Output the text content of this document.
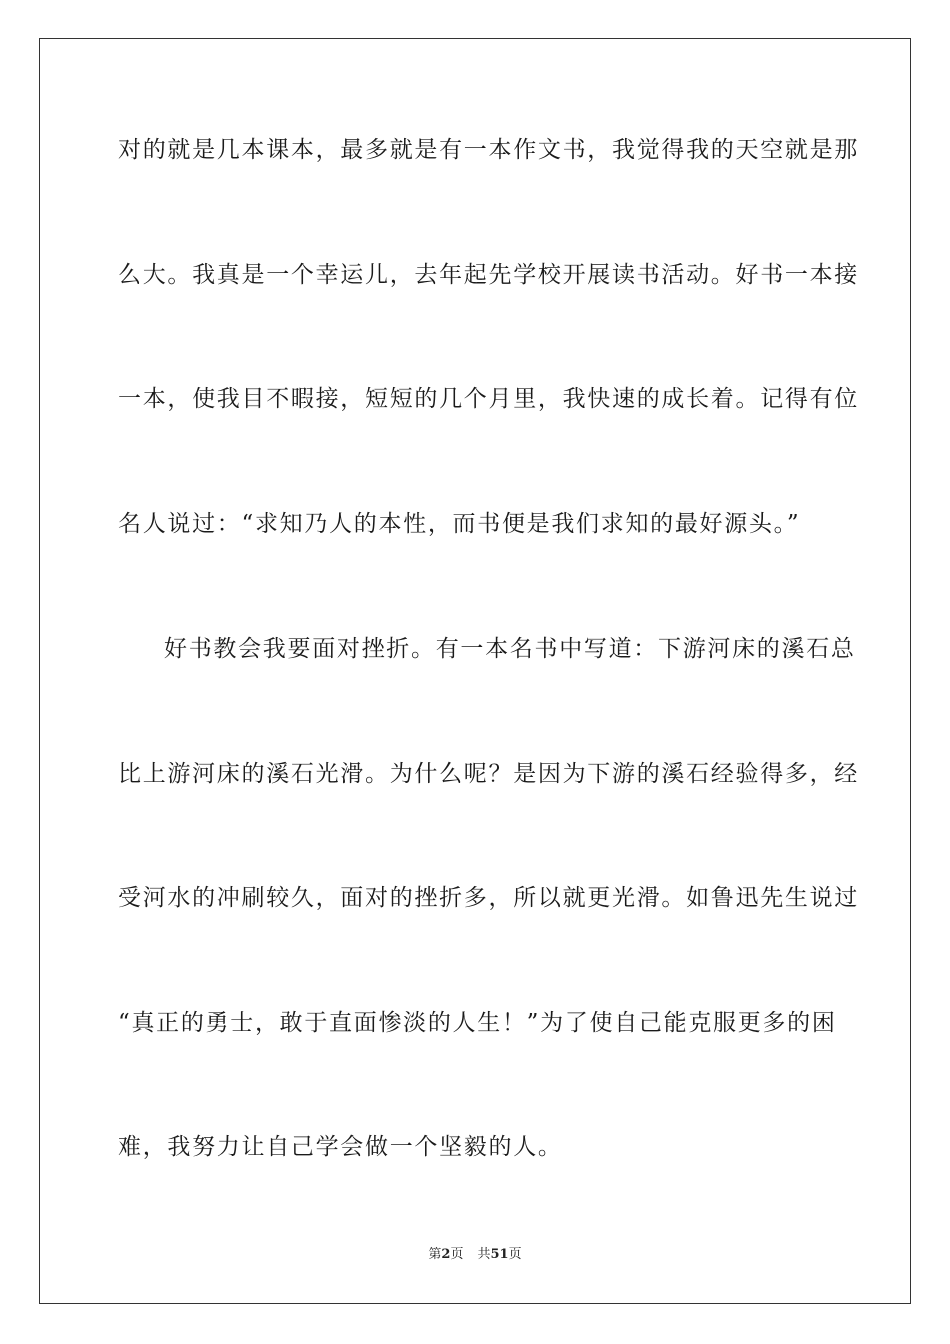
对的就是几本课本，最多就是有一本作文书，我觉得我的天空就是那
么大。我真是一个幸运儿，去年起先学校开展读书活动。好书一本接
一本，使我目不暇接，短短的几个月里，我快速的成长着。记得有位
名人说过：“求知乃人的本性，而书便是我们求知的最好源头。”
好书教会我要面对挫折。有一本名书中写道：下游河床的溪石总
比上游河床的溪石光滑。为什么呢？是因为下游的溪石经验得多，经
受河水的冲刷较久，面对的挫折多，所以就更光滑。如鲁迅先生说过
“真正的勇士，敢于直面惨淡的人生！”为了使自己能克服更多的困
难，我努力让自己学会做一个坚毅的人。
第2页 共51页
